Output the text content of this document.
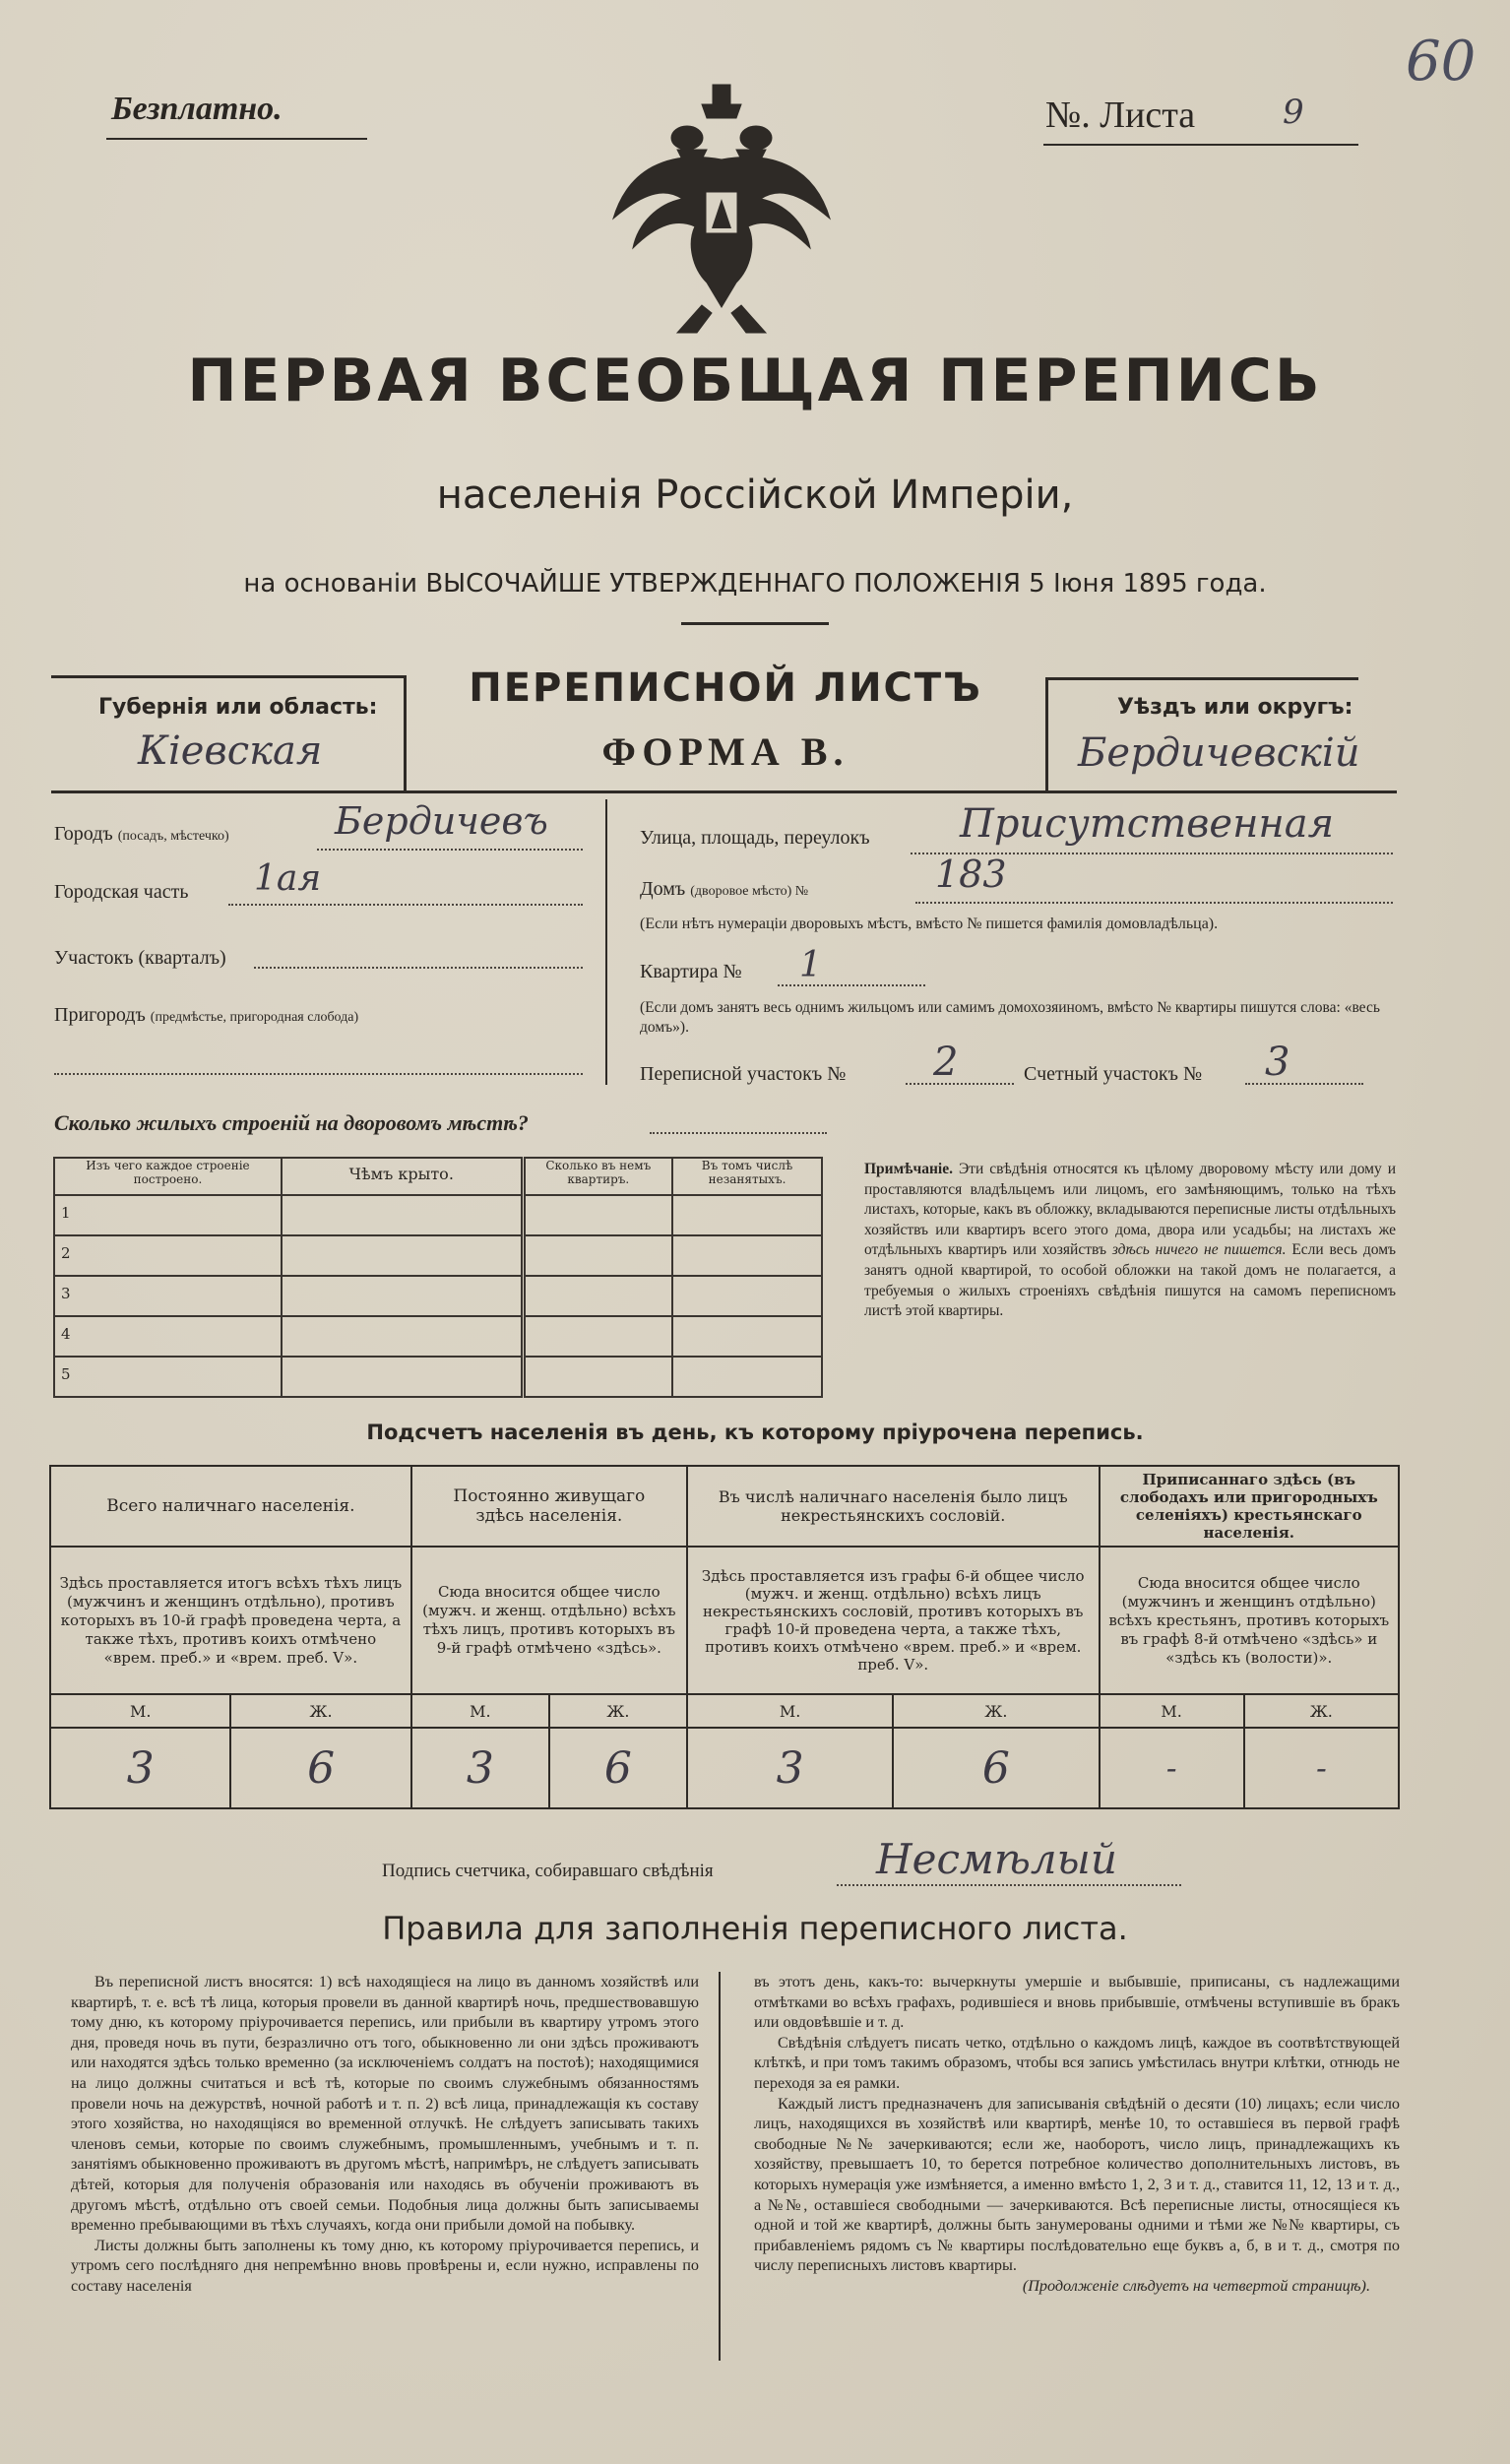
Безплатно.	№. Листа	9
60
ПЕРВАЯ ВСЕОБЩАЯ ПЕРЕПИСЬ
населенія Россійской Имперіи,
на основаніи ВЫСОЧАЙШЕ УТВЕРЖДЕННАГО ПОЛОЖЕНІЯ 5 Іюня 1895 года.
Губернія или область:
Кіевская
ПЕРЕПИСНОЙ ЛИСТЪ
ФОРМА В.
Уѣздъ или округъ:
Бердичевскій
Городъ (посадъ, мѣстечко)	Бердичевъ
Городская часть 1ая
Участокъ (кварталъ)
Пригородъ (предмѣстье, пригородная слобода)
Улица, площадь, переулокъ Присутственная
Домъ (дворовое мѣсто) №	183
(Если нѣтъ нумераціи дворовыхъ мѣстъ, вмѣсто № пишется фамилія домовладѣльца).
Квартира № 1
(Если домъ занятъ весь однимъ жильцомъ или самимъ домохозяиномъ, вмѣсто № квартиры пишутся слова: «весь домъ»).
Переписной участокъ № 2	Счетный участокъ № 3
Сколько жилыхъ строеній на дворовомъ мѣстѣ?
Изъ чего каждое строеніе построено.	Чѣмъ крыто.	Сколько въ немъ квартиръ.	Въ томъ числѣ незанятыхъ.
1			
2			
3			
4			
5			
Примѣчаніе. Эти свѣдѣнія относятся къ цѣлому дворовому мѣсту или дому и проставляются владѣльцемъ или лицомъ, его замѣняющимъ, только на тѣхъ листахъ, которые, какъ въ обложку, вкладываются переписные листы отдѣльныхъ хозяйствъ или квартиръ всего этого дома, двора или усадьбы; на листахъ же отдѣльныхъ квартиръ или хозяйствъ здѣсь ничего не пишется. Если весь домъ занятъ одной квартирой, то особой обложки на такой домъ не полагается, а требуемыя о жилыхъ строеніяхъ свѣдѣнія пишутся на самомъ переписномъ листѣ этой квартиры.
Подсчетъ населенія въ день, къ которому пріурочена перепись.
Всего наличнаго населенія.		Постоянно живущаго здѣсь населенія.		Въ числѣ наличнаго населенія было лицъ некрестьянскихъ сословій.		Приписаннаго здѣсь (въ слободахъ или пригородныхъ селеніяхъ) крестьянскаго населенія.	
Здѣсь проставляется итогъ всѣхъ тѣхъ лицъ (мужчинъ и женщинъ отдѣльно), противъ которыхъ въ 10-й графѣ проведена черта, а также тѣхъ, противъ коихъ отмѣчено «врем. преб.» и «врем. преб. V».		Сюда вносится общее число (мужч. и женщ. отдѣльно) всѣхъ тѣхъ лицъ, противъ которыхъ въ 9-й графѣ отмѣчено «здѣсь».		Здѣсь проставляется изъ графы 6-й общее число (мужч. и женщ. отдѣльно) всѣхъ лицъ некрестьянскихъ сословій, противъ которыхъ въ графѣ 10-й проведена черта, а также тѣхъ, противъ коихъ отмѣчено «врем. преб.» и «врем. преб. V».		Сюда вносится общее число (мужчинъ и женщинъ отдѣльно) всѣхъ крестьянъ, противъ которыхъ въ графѣ 8-й отмѣчено «здѣсь» и «здѣсь къ (волости)».	
М.	Ж.	М.	Ж.	М.	Ж.	М.	Ж.
3	6	3	6	3	6	-	-
Подпись счетчика, собиравшаго свѣдѣнія	Несмѣлый
Правила для заполненія переписного листа.

Въ переписной листъ вносятся: 1) всѣ находящіеся на лицо въ данномъ хозяйствѣ или квартирѣ, т. е. всѣ тѣ лица, которыя провели въ данной квартирѣ ночь, предшествовавшую тому дню, къ которому пріурочивается перепись, или прибыли въ квартиру утромъ этого дня, проведя ночь въ пути, безразлично отъ того, обыкновенно ли они здѣсь проживаютъ или находятся здѣсь только временно (за исключеніемъ солдатъ на постоѣ); находящимися на лицо должны считаться и всѣ тѣ, которые по своимъ служебнымъ обязанностямъ провели ночь на дежурствѣ, ночной работѣ и т. п. 2) всѣ лица, принадлежащія къ составу этого хозяйства, но находящіяся во временной отлучкѣ. Не слѣдуетъ записывать такихъ членовъ семьи, которые по своимъ служебнымъ, промышленнымъ, учебнымъ и т. п. занятіямъ обыкновенно проживаютъ въ другомъ мѣстѣ, напримѣръ, не слѣдуетъ записывать дѣтей, которыя для полученія образованія или находясь въ обученіи проживаютъ въ другомъ мѣстѣ, отдѣльно отъ своей семьи. Подобныя лица должны быть записываемы временно пребывающими въ тѣхъ случаяхъ, когда они прибыли домой на побывку.

Листы должны быть заполнены къ тому дню, къ которому пріурочивается перепись, и утромъ сего послѣдняго дня непремѣнно вновь провѣрены и, если нужно, исправлены по составу населенія

въ этотъ день, какъ-то: вычеркнуты умершіе и выбывшіе, приписаны, съ надлежащими отмѣтками во всѣхъ графахъ, родившіеся и вновь прибывшіе, отмѣчены вступившіе въ бракъ или овдовѣвшіе и т. д.

Свѣдѣнія слѣдуетъ писать четко, отдѣльно о каждомъ лицѣ, каждое въ соотвѣтствующей клѣткѣ, и при томъ такимъ образомъ, чтобы вся запись умѣстилась внутри клѣтки, отнюдь не переходя за ея рамки.

Каждый листъ предназначенъ для записыванія свѣдѣній о десяти (10) лицахъ; если число лицъ, находящихся въ хозяйствѣ или квартирѣ, менѣе 10, то оставшіеся въ первой графѣ свободные №№ зачеркиваются; если же, наоборотъ, число лицъ, принадлежащихъ къ хозяйству, превышаетъ 10, то берется потребное количество дополнительныхъ листовъ, въ которыхъ нумерація уже измѣняется, а именно вмѣсто 1, 2, 3 и т. д., ставится 11, 12, 13 и т. д., а №№, оставшіеся свободными — зачеркиваются. Всѣ переписные листы, относящіеся къ одной и той же квартирѣ, должны быть занумерованы одними и тѣми же №№ квартиры, съ прибавленіемъ рядомъ съ № квартиры послѣдовательно еще буквъ а, б, в и т. д., смотря по числу переписныхъ листовъ квартиры.

(Продолженіе слѣдуетъ на четвертой страницѣ).
